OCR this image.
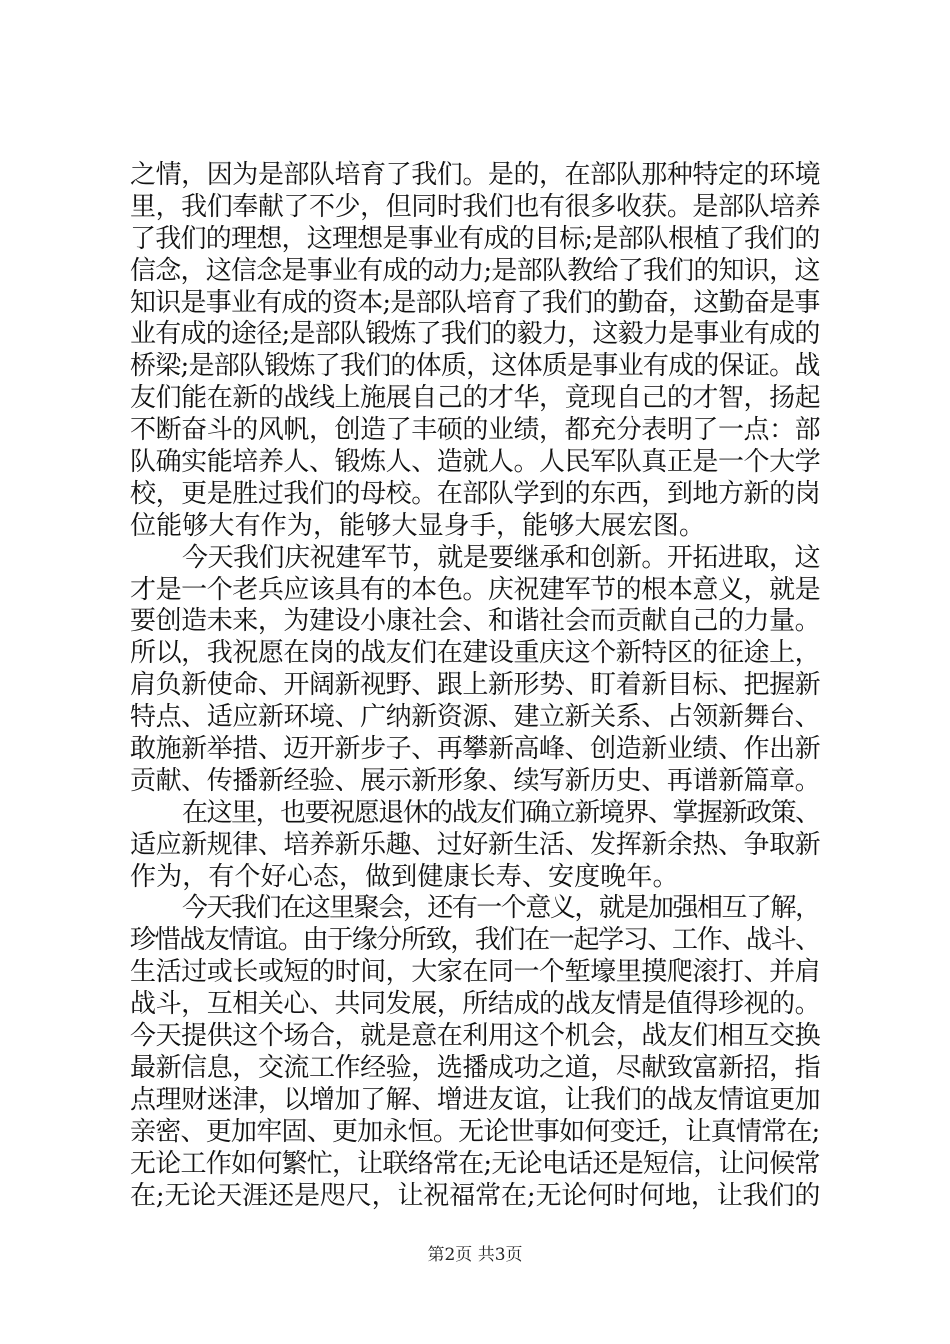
之情，因为是部队培育了我们。是的，在部队那种特定的环境
里，我们奉献了不少，但同时我们也有很多收获。是部队培养
了我们的理想，这理想是事业有成的目标;是部队根植了我们的
信念，这信念是事业有成的动力;是部队教给了我们的知识，这
知识是事业有成的资本;是部队培育了我们的勤奋，这勤奋是事
业有成的途径;是部队锻炼了我们的毅力，这毅力是事业有成的
桥梁;是部队锻炼了我们的体质，这体质是事业有成的保证。战
友们能在新的战线上施展自己的才华，竟现自己的才智，扬起
不断奋斗的风帆，创造了丰硕的业绩，都充分表明了一点：部
队确实能培养人、锻炼人、造就人。人民军队真正是一个大学
校，更是胜过我们的母校。在部队学到的东西，到地方新的岗
位能够大有作为，能够大显身手，能够大展宏图。
今天我们庆祝建军节，就是要继承和创新。开拓进取，这
才是一个老兵应该具有的本色。庆祝建军节的根本意义，就是
要创造未来，为建设小康社会、和谐社会而贡献自己的力量。
所以，我祝愿在岗的战友们在建设重庆这个新特区的征途上，
肩负新使命、开阔新视野、跟上新形势、盯着新目标、把握新
特点、适应新环境、广纳新资源、建立新关系、占领新舞台、
敢施新举措、迈开新步子、再攀新高峰、创造新业绩、作出新
贡献、传播新经验、展示新形象、续写新历史、再谱新篇章。
在这里，也要祝愿退休的战友们确立新境界、掌握新政策、
适应新规律、培养新乐趣、过好新生活、发挥新余热、争取新
作为，有个好心态，做到健康长寿、安度晚年。
今天我们在这里聚会，还有一个意义，就是加强相互了解，
珍惜战友情谊。由于缘分所致，我们在一起学习、工作、战斗、
生活过或长或短的时间，大家在同一个堑壕里摸爬滚打、并肩
战斗，互相关心、共同发展，所结成的战友情是值得珍视的。
今天提供这个场合，就是意在利用这个机会，战友们相互交换
最新信息，交流工作经验，选播成功之道，尽献致富新招，指
点理财迷津，以增加了解、增进友谊，让我们的战友情谊更加
亲密、更加牢固、更加永恒。无论世事如何变迁，让真情常在;
无论工作如何繁忙，让联络常在;无论电话还是短信，让问候常
在;无论天涯还是咫尺，让祝福常在;无论何时何地，让我们的
第2页 共3页
